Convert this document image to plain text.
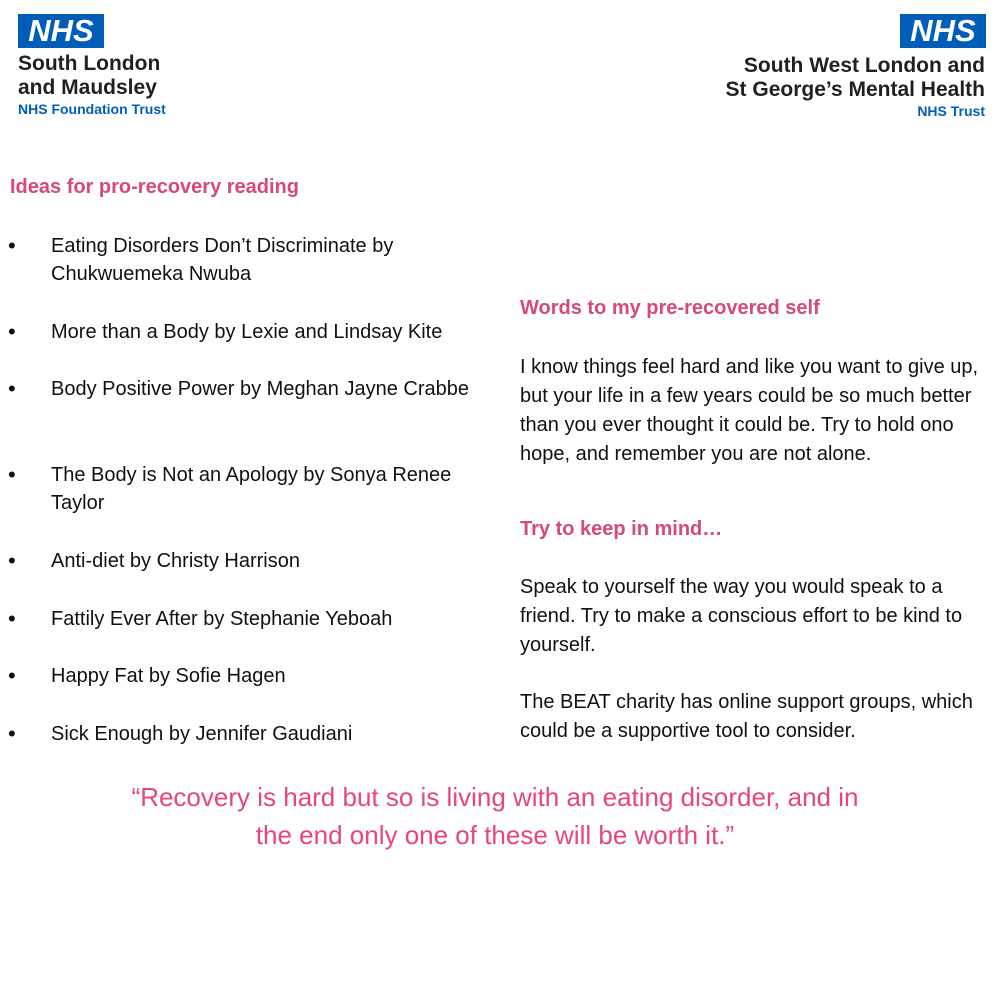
NHS
South London
and Maudsley
NHS Foundation Trust
NHS
South West London and
St George’s Mental Health
NHS Trust
Ideas for pro-recovery reading
• Eating Disorders Don’t Discriminate by Chukwuemeka Nwuba
• More than a Body by Lexie and Lindsay Kite
• Body Positive Power by Meghan Jayne Crabbe
• The Body is Not an Apology by Sonya Renee Taylor
• Anti-diet by Christy Harrison
• Fattily Ever After by Stephanie Yeboah
• Happy Fat by Sofie Hagen
• Sick Enough by Jennifer Gaudiani
Words to my pre-recovered self
I know things feel hard and like you want to give up, but your life in a few years could be so much better than you ever thought it could be. Try to hold ono hope, and remember you are not alone.
Try to keep in mind…
Speak to yourself the way you would speak to a friend. Try to make a conscious effort to be kind to yourself.
The BEAT charity has online support groups, which could be a supportive tool to consider.
“Recovery is hard but so is living with an eating disorder, and in
the end only one of these will be worth it.”
